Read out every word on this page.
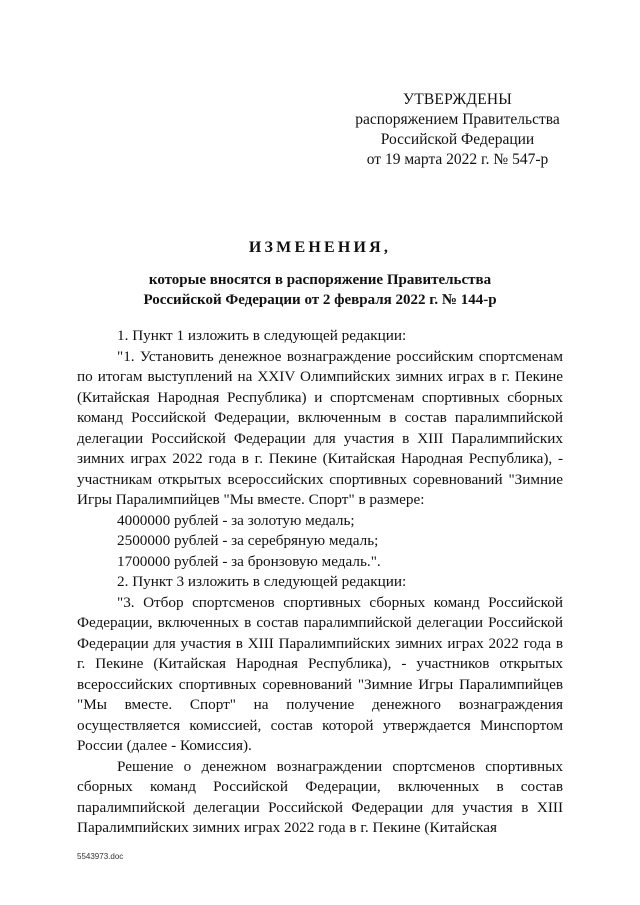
УТВЕРЖДЕНЫ
распоряжением Правительства
Российской Федерации
от 19 марта 2022 г. № 547-р
ИЗМЕНЕНИЯ,
которые вносятся в распоряжение Правительства
Российской Федерации от 2 февраля 2022 г. № 144-р

1. Пункт 1 изложить в следующей редакции:

"1. Установить денежное вознаграждение российским спортсменам по итогам выступлений на XXIV Олимпийских зимних играх в г. Пекине (Китайская Народная Республика) и спортсменам спортивных сборных команд Российской Федерации, включенным в состав паралимпийской делегации Российской Федерации для участия в XIII Паралимпийских зимних играх 2022 года в г. Пекине (Китайская Народная Республика), - участникам открытых всероссийских спортивных соревнований "Зимние Игры Паралимпийцев "Мы вместе. Спорт" в размере:

4000000 рублей - за золотую медаль;

2500000 рублей - за серебряную медаль;

1700000 рублей - за бронзовую медаль.".

2. Пункт 3 изложить в следующей редакции:

"3. Отбор спортсменов спортивных сборных команд Российской Федерации, включенных в состав паралимпийской делегации Российской Федерации для участия в XIII Паралимпийских зимних играх 2022 года в г. Пекине (Китайская Народная Республика), - участников открытых всероссийских спортивных соревнований "Зимние Игры Паралимпийцев "Мы вместе. Спорт" на получение денежного вознаграждения осуществляется комиссией, состав которой утверждается Минспортом России (далее - Комиссия).

Решение о денежном вознаграждении спортсменов спортивных сборных команд Российской Федерации, включенных в состав паралимпийской делегации Российской Федерации для участия в XIII Паралимпийских зимних играх 2022 года в г. Пекине (Китайская

5543973.doc
